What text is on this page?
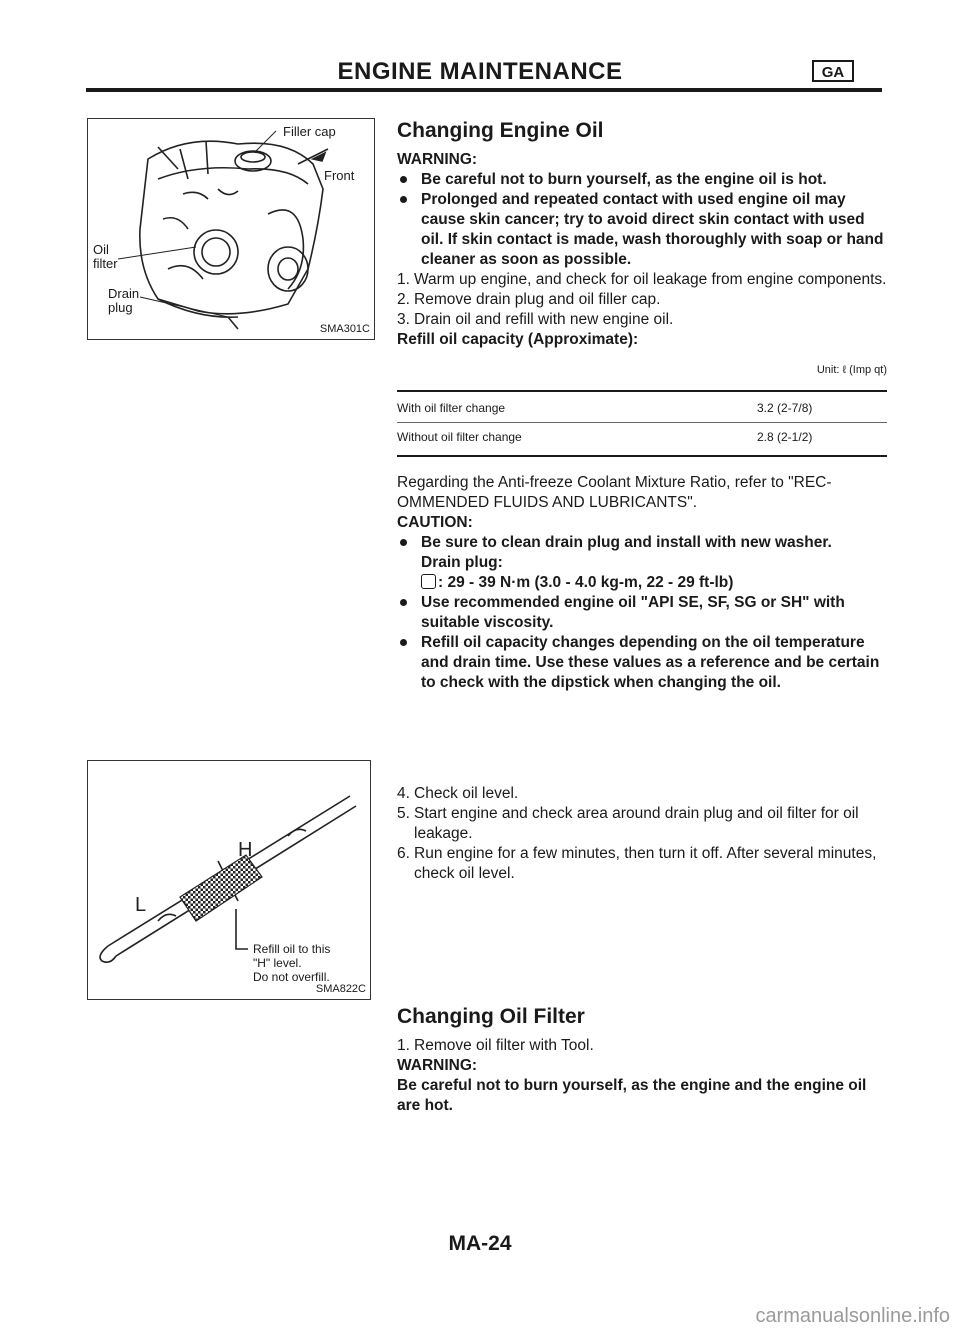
ENGINE MAINTENANCE	GA
Filler cap
Front
Oil
filter
Drain
plug
SMA301C
H
L
Refill oil to this
"H" level.
Do not overfill.
SMA822C
Changing Engine Oil
WARNING:
Be careful not to burn yourself, as the engine oil is hot.
Prolonged and repeated contact with used engine oil may cause skin cancer; try to avoid direct skin contact with used oil. If skin contact is made, wash thoroughly with soap or hand cleaner as soon as possible.
1. Warm up engine, and check for oil leakage from engine components.
2. Remove drain plug and oil filler cap.
3. Drain oil and refill with new engine oil.
Refill oil capacity (Approximate):
Unit: ℓ (Imp qt)
With oil filter change	3.2 (2-7/8)
Without oil filter change	2.8 (2-1/2)
Regarding the Anti-freeze Coolant Mixture Ratio, refer to "REC-OMMENDED FLUIDS AND LUBRICANTS".
CAUTION:
Be sure to clean drain plug and install with new washer.
Drain plug:
: 29 - 39 N·m (3.0 - 4.0 kg-m, 22 - 29 ft-lb)
Use recommended engine oil "API SE, SF, SG or SH" with suitable viscosity.
Refill oil capacity changes depending on the oil temperature and drain time. Use these values as a reference and be certain to check with the dipstick when changing the oil.
4. Check oil level.
5. Start engine and check area around drain plug and oil filter for oil leakage.
6. Run engine for a few minutes, then turn it off. After several minutes, check oil level.
Changing Oil Filter
1. Remove oil filter with Tool.
WARNING:
Be careful not to burn yourself, as the engine and the engine oil are hot.
MA-24
carmanualsonline.info
